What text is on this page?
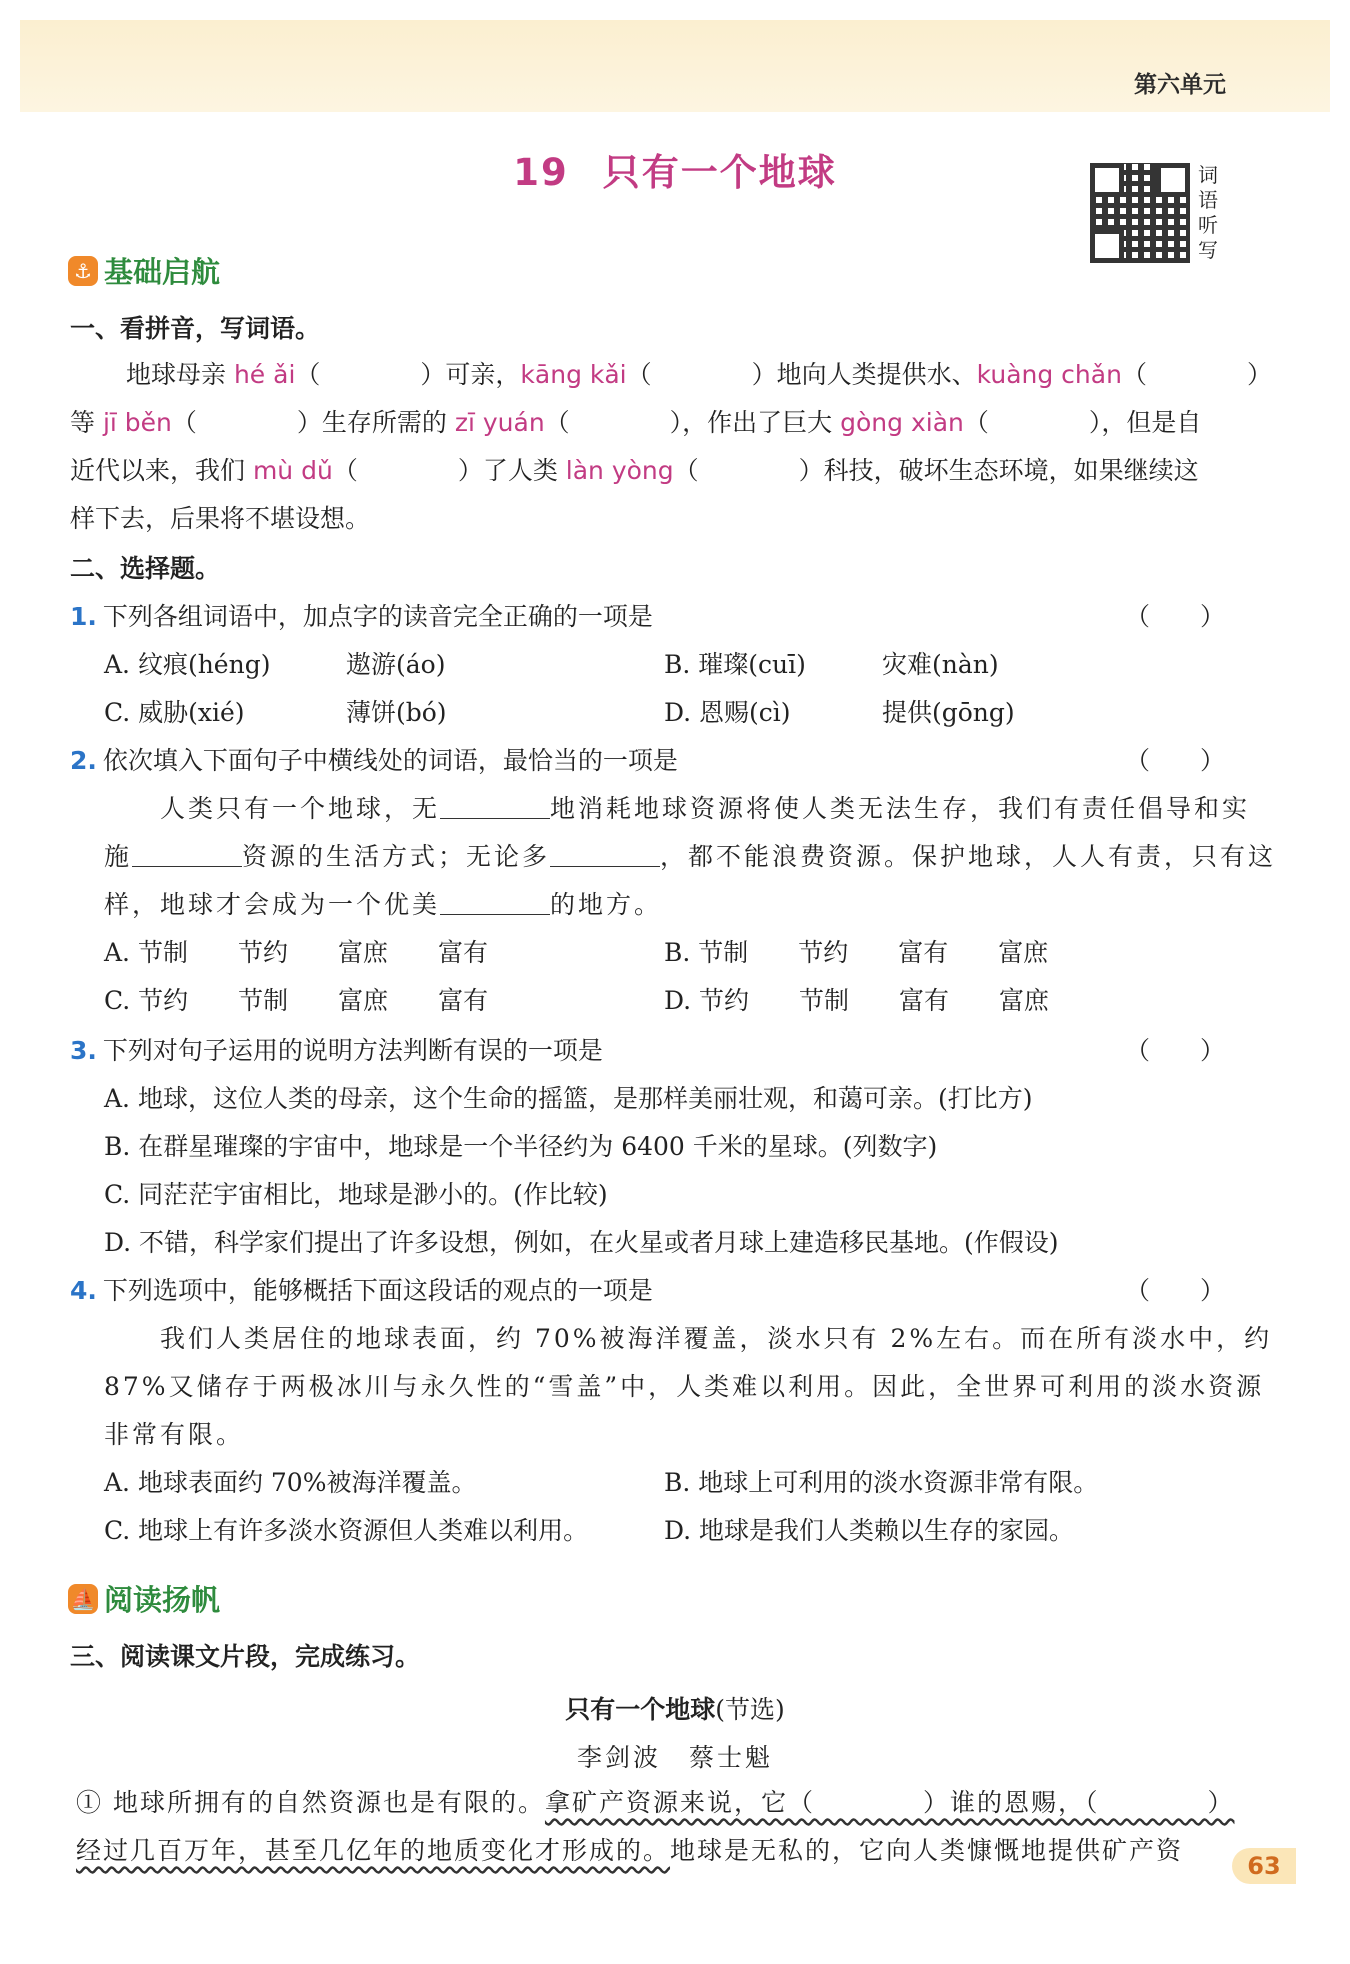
第六单元
19 只有一个地球	词语听写
⚓ 基础启航
一、看拼音，写词语。
地球母亲 hé ǎi（　　　　）可亲，kāng kǎi（　　　　）地向人类提供水、kuàng chǎn（　　　　）
等 jī běn（　　　　）生存所需的 zī yuán（　　　　），作出了巨大 gòng xiàn（　　　　），但是自
近代以来，我们 mù dǔ（　　　　）了人类 làn yòng（　　　　）科技，破坏生态环境，如果继续这
样下去，后果将不堪设想。
二、选择题。
1. 下列各组词语中，加点字的读音完全正确的一项是	（　　）
A. 纹痕(héng)	遨游(áo)	B. 璀璨(cuī)	灾难(nàn)
C. 威胁(xié)	薄饼(bó)	D. 恩赐(cì)	提供(gōng)
2. 依次填入下面句子中横线处的词语，最恰当的一项是	（　　）
人类只有一个地球，无	地消耗地球资源将使人类无法生存，我们有责任倡导和实
施	资源的生活方式；无论多	，都不能浪费资源。保护地球，人人有责，只有这
样，地球才会成为一个优美	的地方。
A. 节制　　节约　　富庶　　富有	B. 节制　　节约　　富有　　富庶
C. 节约　　节制　　富庶　　富有	D. 节约　　节制　　富有　　富庶
3. 下列对句子运用的说明方法判断有误的一项是	（　　）
A. 地球，这位人类的母亲，这个生命的摇篮，是那样美丽壮观，和蔼可亲。(打比方)
B. 在群星璀璨的宇宙中，地球是一个半径约为 6400 千米的星球。(列数字)
C. 同茫茫宇宙相比，地球是渺小的。(作比较)
D. 不错，科学家们提出了许多设想，例如，在火星或者月球上建造移民基地。(作假设)
4. 下列选项中，能够概括下面这段话的观点的一项是	（　　）
我们人类居住的地球表面，约 70%被海洋覆盖，淡水只有 2%左右。而在所有淡水中，约
87%又储存于两极冰川与永久性的“雪盖”中，人类难以利用。因此，全世界可利用的淡水资源
非常有限。
A. 地球表面约 70%被海洋覆盖。	B. 地球上可利用的淡水资源非常有限。
C. 地球上有许多淡水资源但人类难以利用。	D. 地球是我们人类赖以生存的家园。
⛵ 阅读扬帆
三、阅读课文片段，完成练习。
只有一个地球(节选)
李剑波　蔡士魁
① 地球所拥有的自然资源也是有限的。拿矿产资源来说，它（　　　　）谁的恩赐，（　　　　）
经过几百万年，甚至几亿年的地质变化才形成的。地球是无私的，它向人类慷慨地提供矿产资
63
